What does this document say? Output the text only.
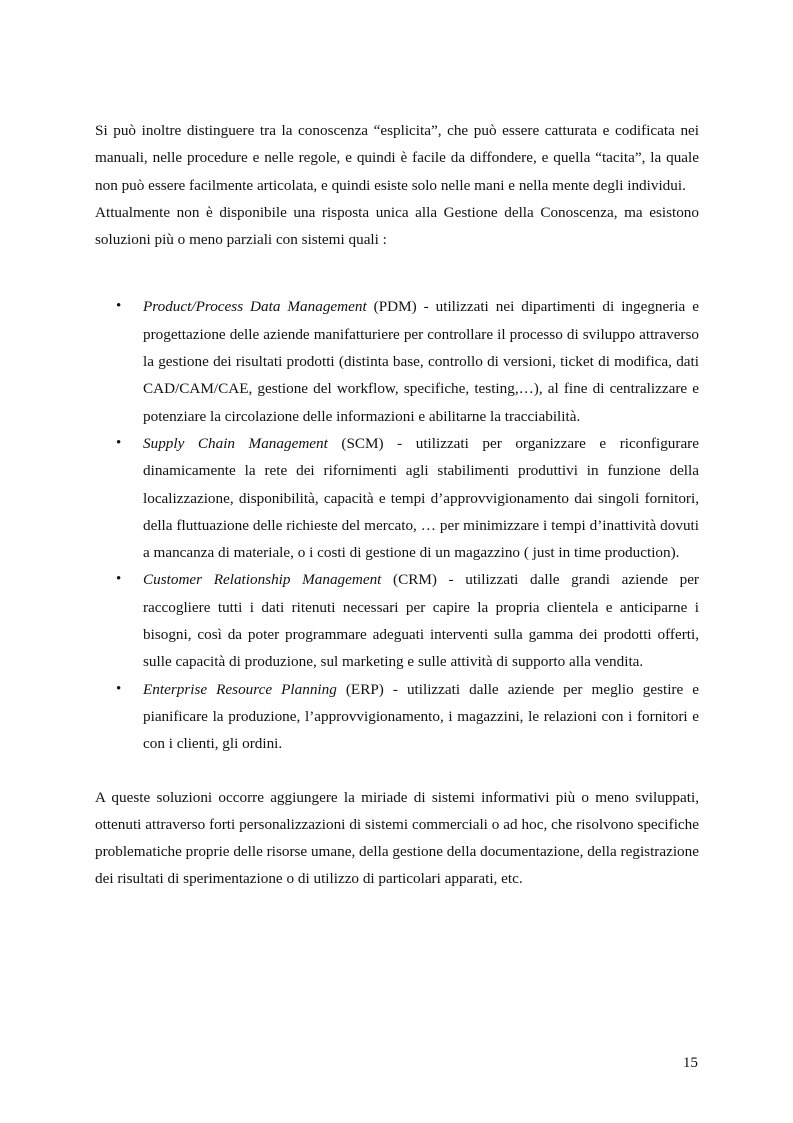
Si può inoltre distinguere tra la conoscenza “esplicita”, che può essere catturata e codificata nei manuali, nelle procedure e nelle regole, e quindi è facile da diffondere, e quella “tacita”, la quale non può essere facilmente articolata, e quindi esiste solo nelle mani e nella mente degli individui.

Attualmente non è disponibile una risposta unica alla Gestione della Conoscenza, ma esistono soluzioni più o meno parziali con sistemi quali :

• Product/Process Data Management (PDM) - utilizzati nei dipartimenti di ingegneria e progettazione delle aziende manifatturiere per controllare il processo di sviluppo attraverso la gestione dei risultati prodotti (distinta base, controllo di versioni, ticket di modifica, dati CAD/CAM/CAE, gestione del workflow, specifiche, testing,…), al fine di centralizzare e potenziare la circolazione delle informazioni e abilitarne la tracciabilità.
• Supply Chain Management (SCM) - utilizzati per organizzare e riconfigurare dinamicamente la rete dei rifornimenti agli stabilimenti produttivi in funzione della localizzazione, disponibilità, capacità e tempi d’approvvigionamento dai singoli fornitori, della fluttuazione delle richieste del mercato, … per minimizzare i tempi d’inattività dovuti a mancanza di materiale, o i costi di gestione di un magazzino ( just in time production).
• Customer Relationship Management (CRM) - utilizzati dalle grandi aziende per raccogliere tutti i dati ritenuti necessari per capire la propria clientela e anticiparne i bisogni, così da poter programmare adeguati interventi sulla gamma dei prodotti offerti, sulle capacità di produzione, sul marketing e sulle attività di supporto alla vendita.
• Enterprise Resource Planning (ERP) - utilizzati dalle aziende per meglio gestire e pianificare la produzione, l’approvvigionamento, i magazzini, le relazioni con i fornitori e con i clienti, gli ordini.

A queste soluzioni occorre aggiungere la miriade di sistemi informativi più o meno sviluppati, ottenuti attraverso forti personalizzazioni di sistemi commerciali o ad hoc, che risolvono specifiche problematiche proprie delle risorse umane, della gestione della documentazione, della registrazione dei risultati di sperimentazione o di utilizzo di particolari apparati, etc.

15
